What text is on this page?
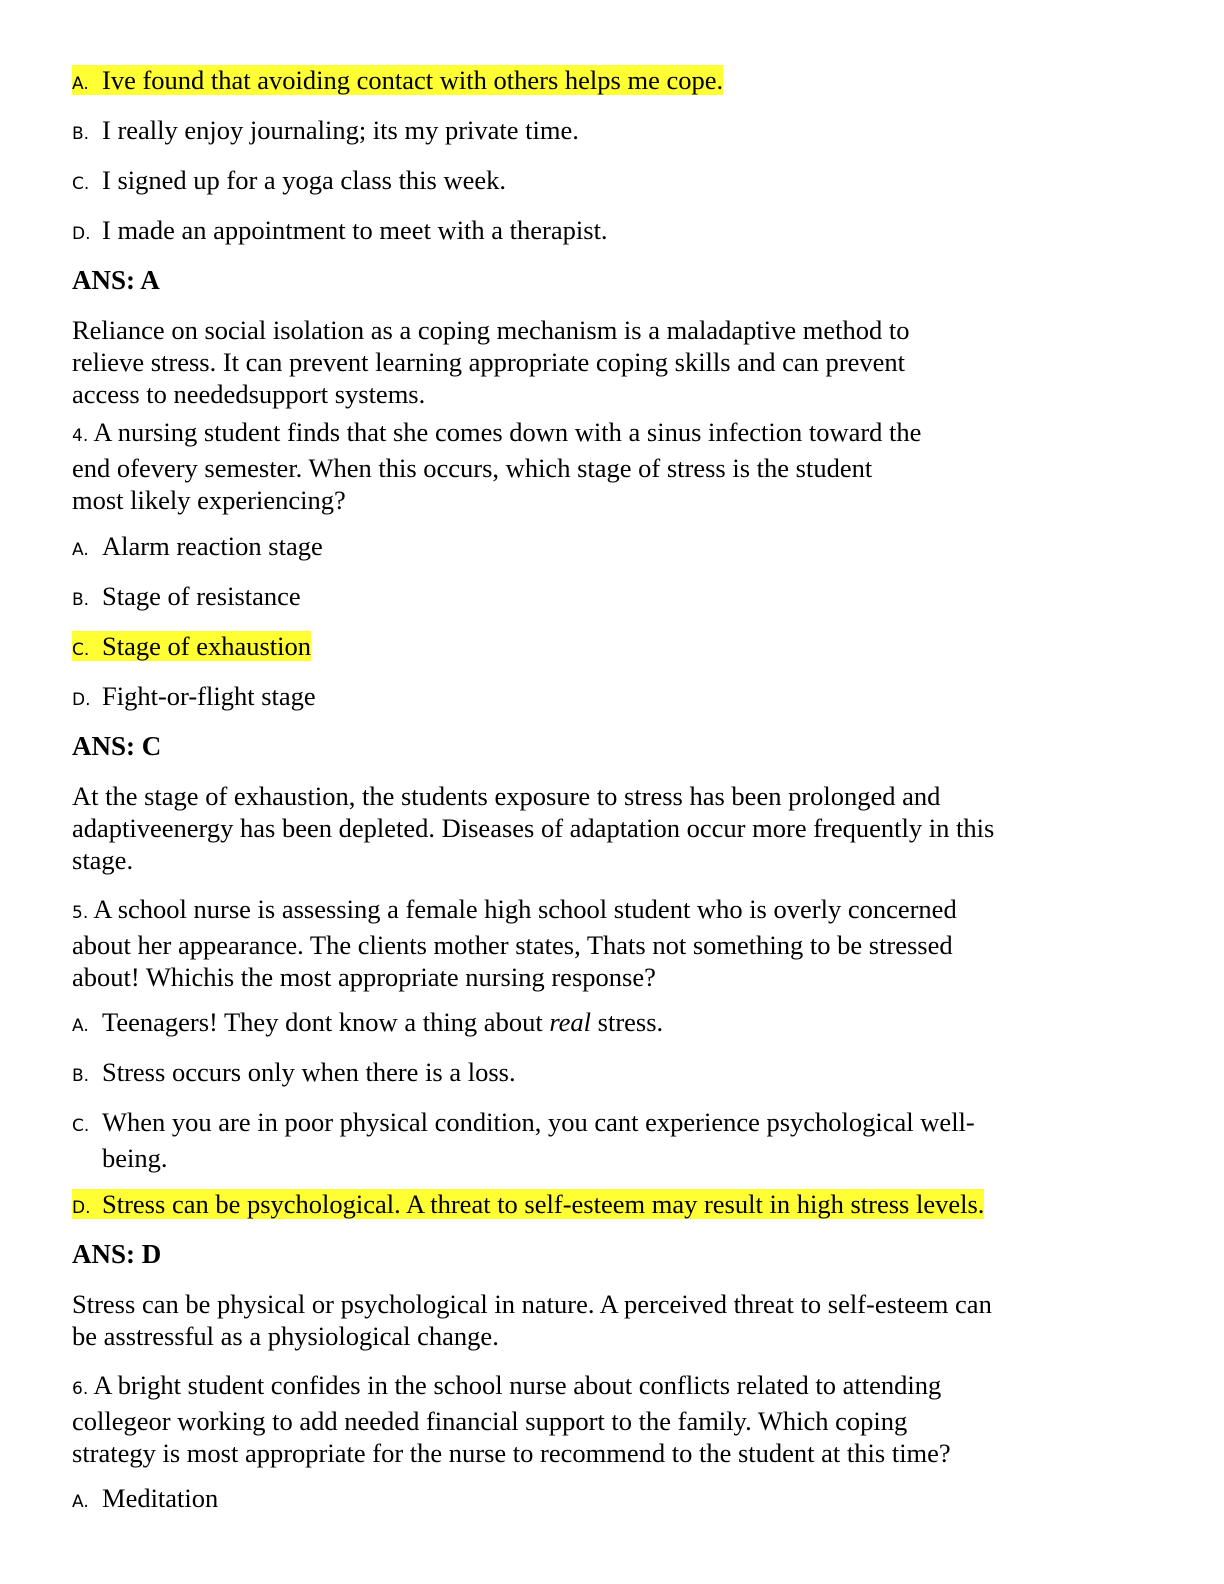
A. Ive found that avoiding contact with others helps me cope.
B. I really enjoy journaling; its my private time.
C. I signed up for a yoga class this week.
D. I made an appointment to meet with a therapist.
ANS: A
Reliance on social isolation as a coping mechanism is a maladaptive method to
relieve stress. It can prevent learning appropriate coping skills and can prevent
access to neededsupport systems.
4. A nursing student finds that she comes down with a sinus infection toward the
end ofevery semester. When this occurs, which stage of stress is the student
most likely experiencing?
A. Alarm reaction stage
B. Stage of resistance
C. Stage of exhaustion
D. Fight-or-flight stage
ANS: C
At the stage of exhaustion, the students exposure to stress has been prolonged and
adaptiveenergy has been depleted. Diseases of adaptation occur more frequently in this
stage.
5. A school nurse is assessing a female high school student who is overly concerned
about her appearance. The clients mother states, Thats not something to be stressed
about! Whichis the most appropriate nursing response?
A. Teenagers! They dont know a thing about real stress.
B. Stress occurs only when there is a loss.
C. When you are in poor physical condition, you cant experience psychological well-
being.
D. Stress can be psychological. A threat to self-esteem may result in high stress levels.
ANS: D
Stress can be physical or psychological in nature. A perceived threat to self-esteem can
be asstressful as a physiological change.
6. A bright student confides in the school nurse about conflicts related to attending
collegeor working to add needed financial support to the family. Which coping
strategy is most appropriate for the nurse to recommend to the student at this time?
A. Meditation
